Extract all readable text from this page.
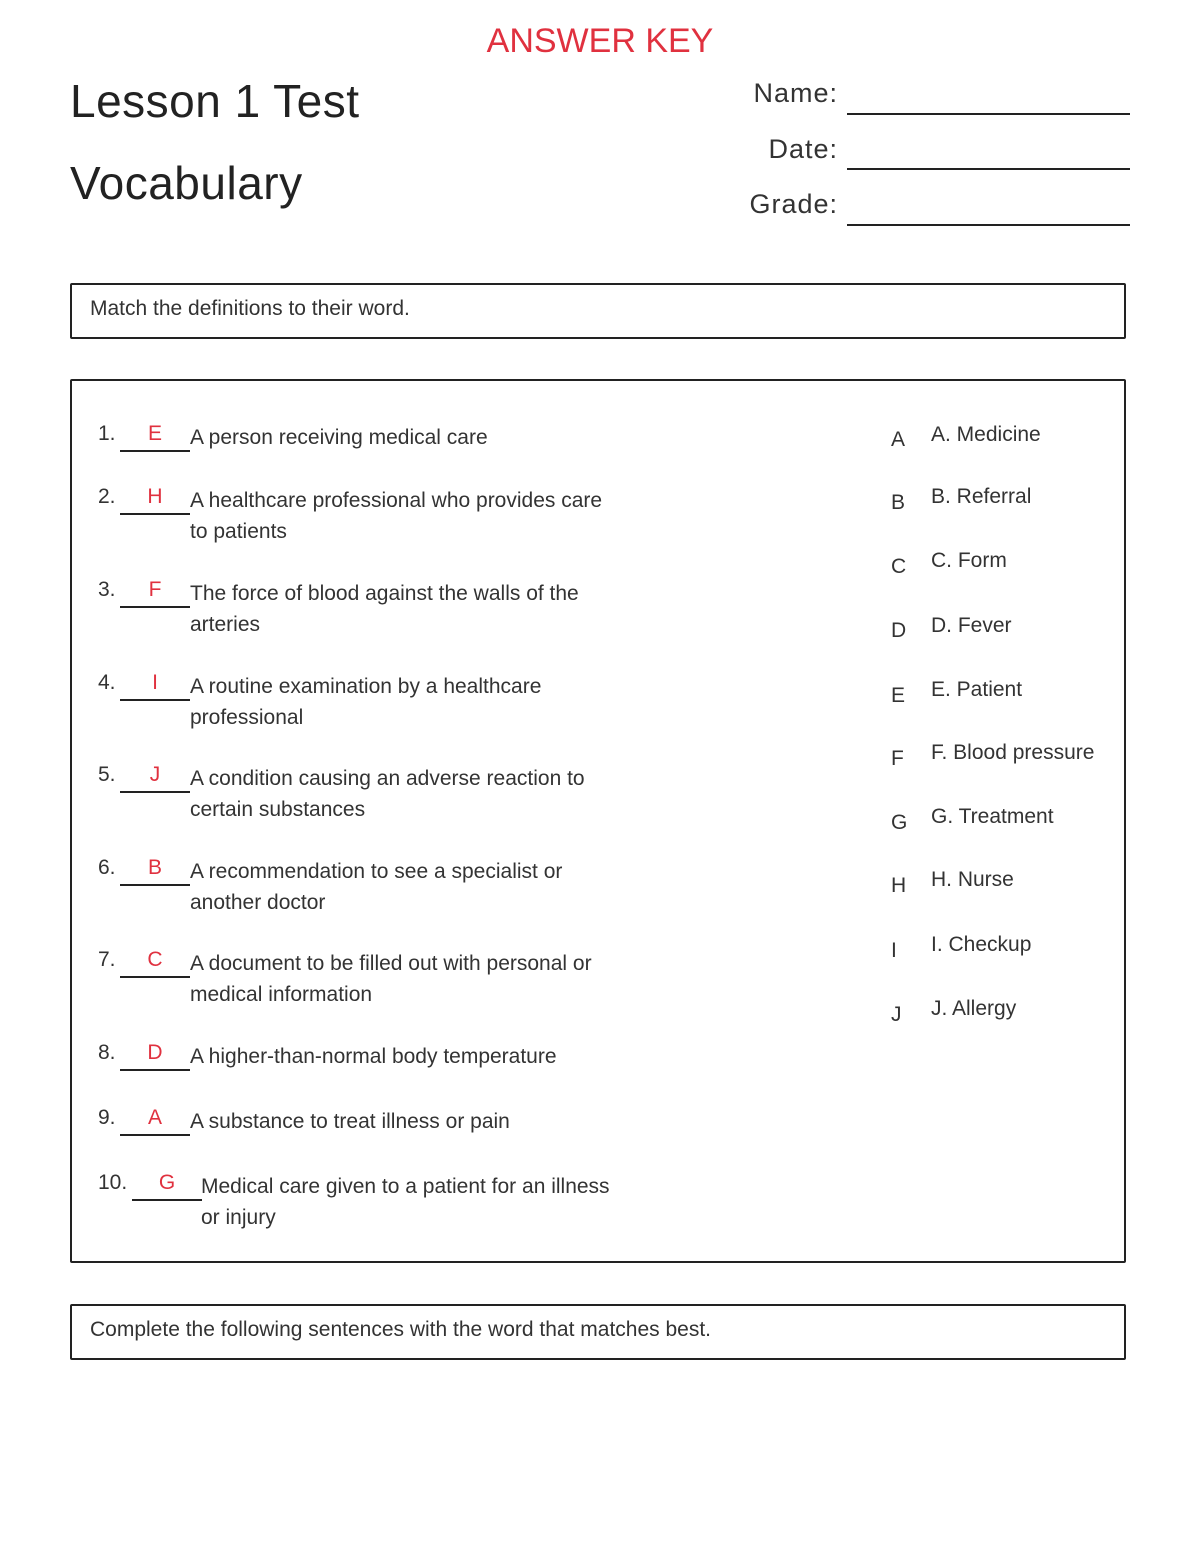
ANSWER KEY
Lesson 1 Test
Vocabulary
Name:
Date:
Grade:
Match the definitions to their word.
1.	E	A person receiving medical care
2.	H	A healthcare professional who provides care to patients
3.	F	The force of blood against the walls of the arteries
4.	I	A routine examination by a healthcare professional
5.	J	A condition causing an adverse reaction to certain substances
6.	B	A recommendation to see a specialist or another doctor
7.	C	A document to be filled out with personal or medical information
8.	D	A higher-than-normal body temperature
9.	A	A substance to treat illness or pain
10.	G	Medical care given to a patient for an illness or injury
A A. Medicine
B B. Referral
C C. Form
D D. Fever
E E. Patient
F F. Blood pressure
G G. Treatment
H H. Nurse
I I. Checkup
J J. Allergy
Complete the following sentences with the word that matches best.
